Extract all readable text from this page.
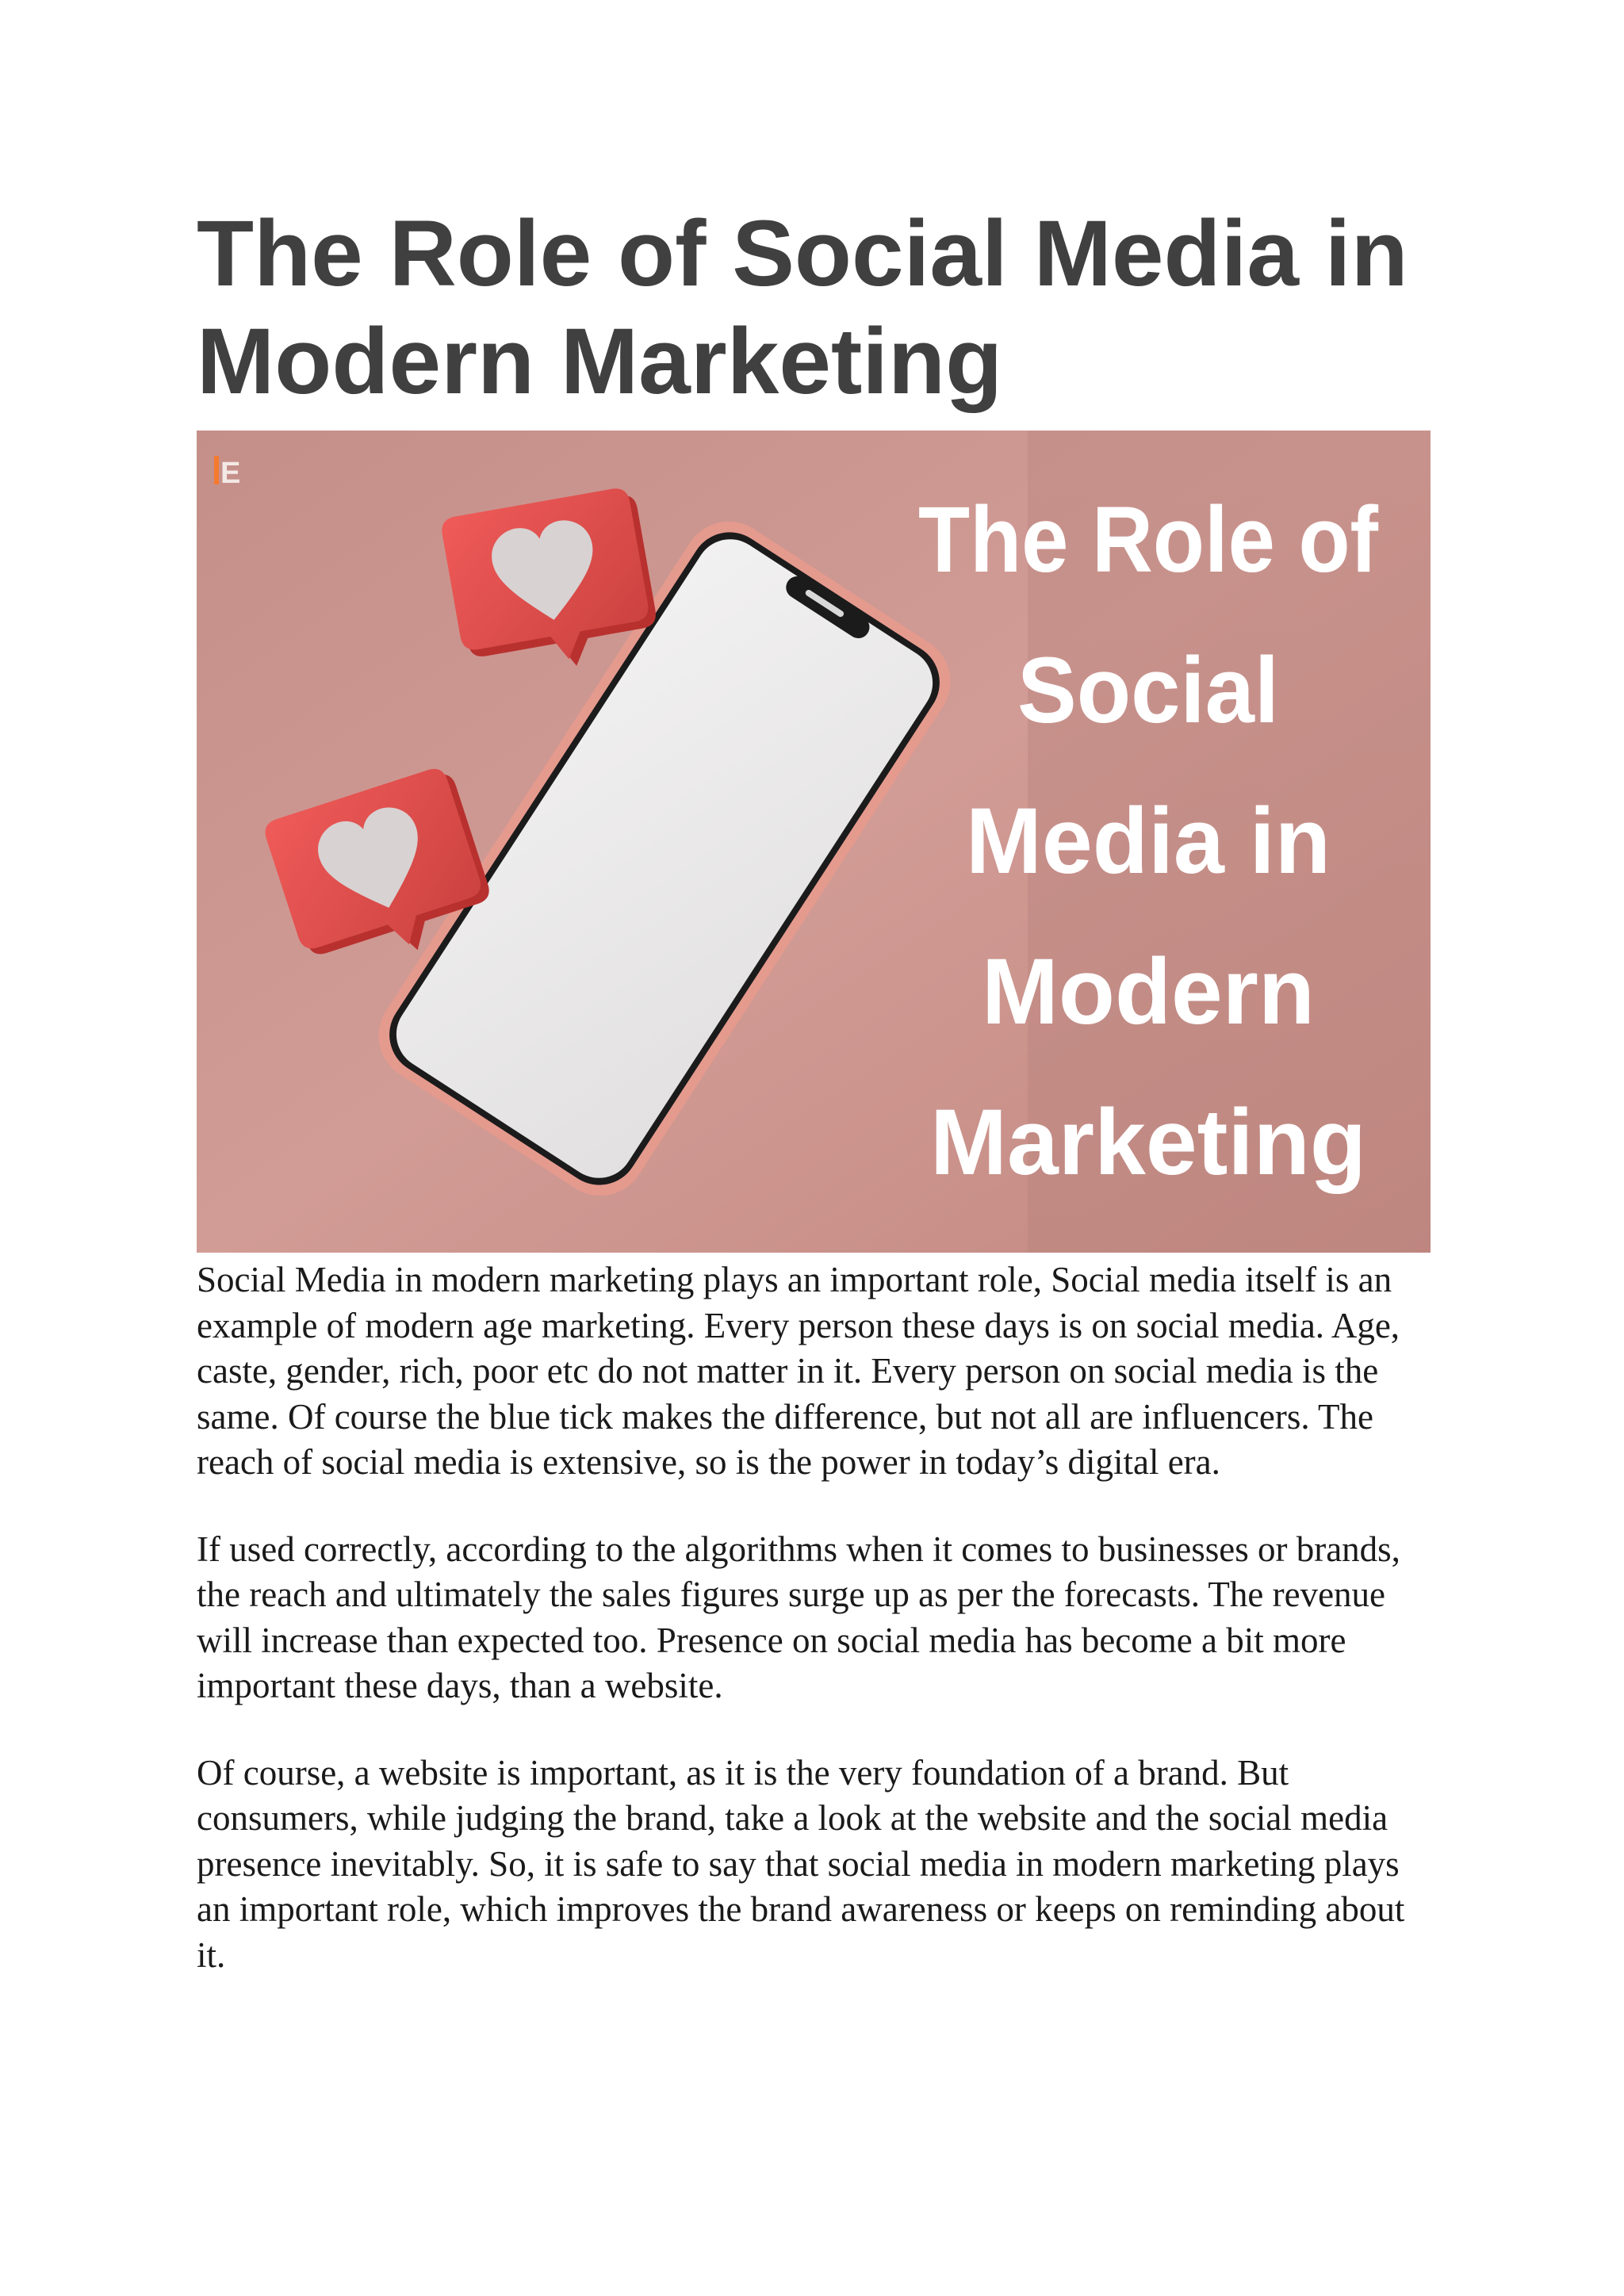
The Role of Social Media in Modern Marketing
E
The Role of
Social
Media in
Modern
Marketing

Social Media in modern marketing plays an important role, Social media itself is an example of modern age marketing. Every person these days is on social media. Age, caste, gender, rich, poor etc do not matter in it. Every person on social media is the same. Of course the blue tick makes the difference, but not all are influencers. The reach of social media is extensive, so is the power in today’s digital era.

If used correctly, according to the algorithms when it comes to businesses or brands, the reach and ultimately the sales figures surge up as per the forecasts. The revenue will increase than expected too. Presence on social media has become a bit more important these days, than a website.

Of course, a website is important, as it is the very foundation of a brand. But consumers, while judging the brand, take a look at the website and the social media presence inevitably. So, it is safe to say that social media in modern marketing plays an important role, which improves the brand awareness or keeps on reminding about it.
